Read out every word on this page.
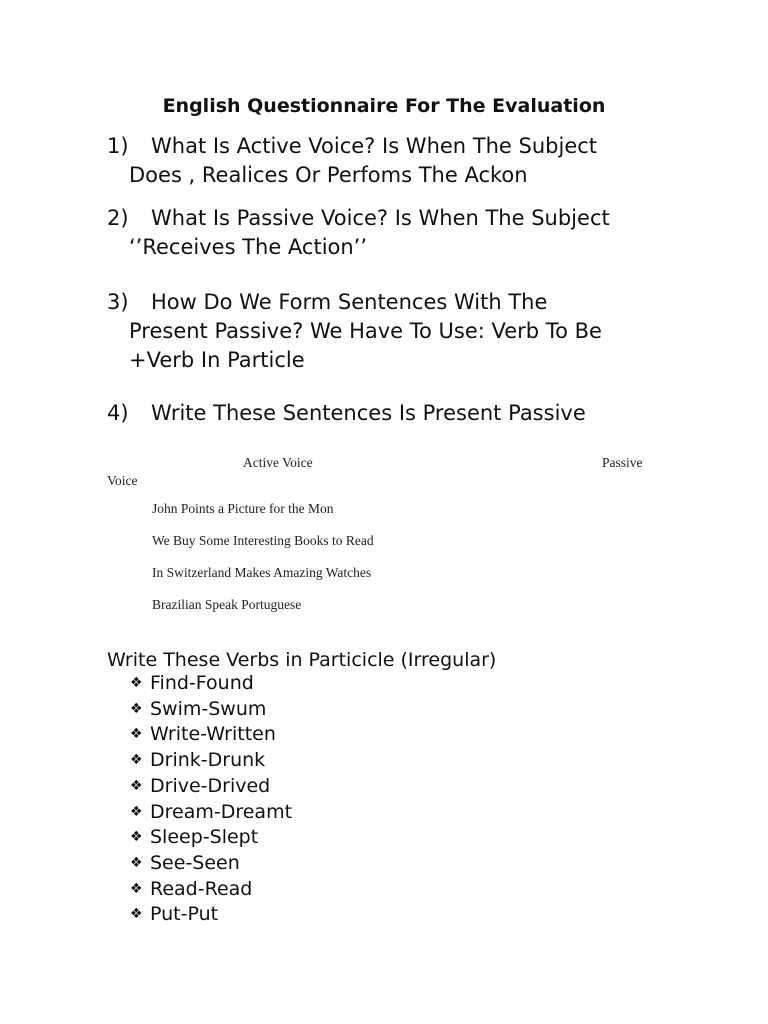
English Questionnaire For The Evaluation
1)	What Is Active Voice? Is When The Subject
Does , Realices Or Perfoms The Ackon
2)	What Is Passive Voice? Is When The Subject
‘’Receives The Action’’
3)	How Do We Form Sentences With The
Present Passive? We Have To Use: Verb To Be
+Verb In Particle
4)	Write These Sentences Is Present Passive
Active Voice	Passive
Voice
John Points a Picture for the Mon
We Buy Some Interesting Books to Read
In Switzerland Makes Amazing Watches
Brazilian Speak Portuguese
Write These Verbs in Particicle (Irregular)
❖ Find-Found
❖ Swim-Swum
❖ Write-Written
❖ Drink-Drunk
❖ Drive-Drived
❖ Dream-Dreamt
❖ Sleep-Slept
❖ See-Seen
❖ Read-Read
❖ Put-Put
